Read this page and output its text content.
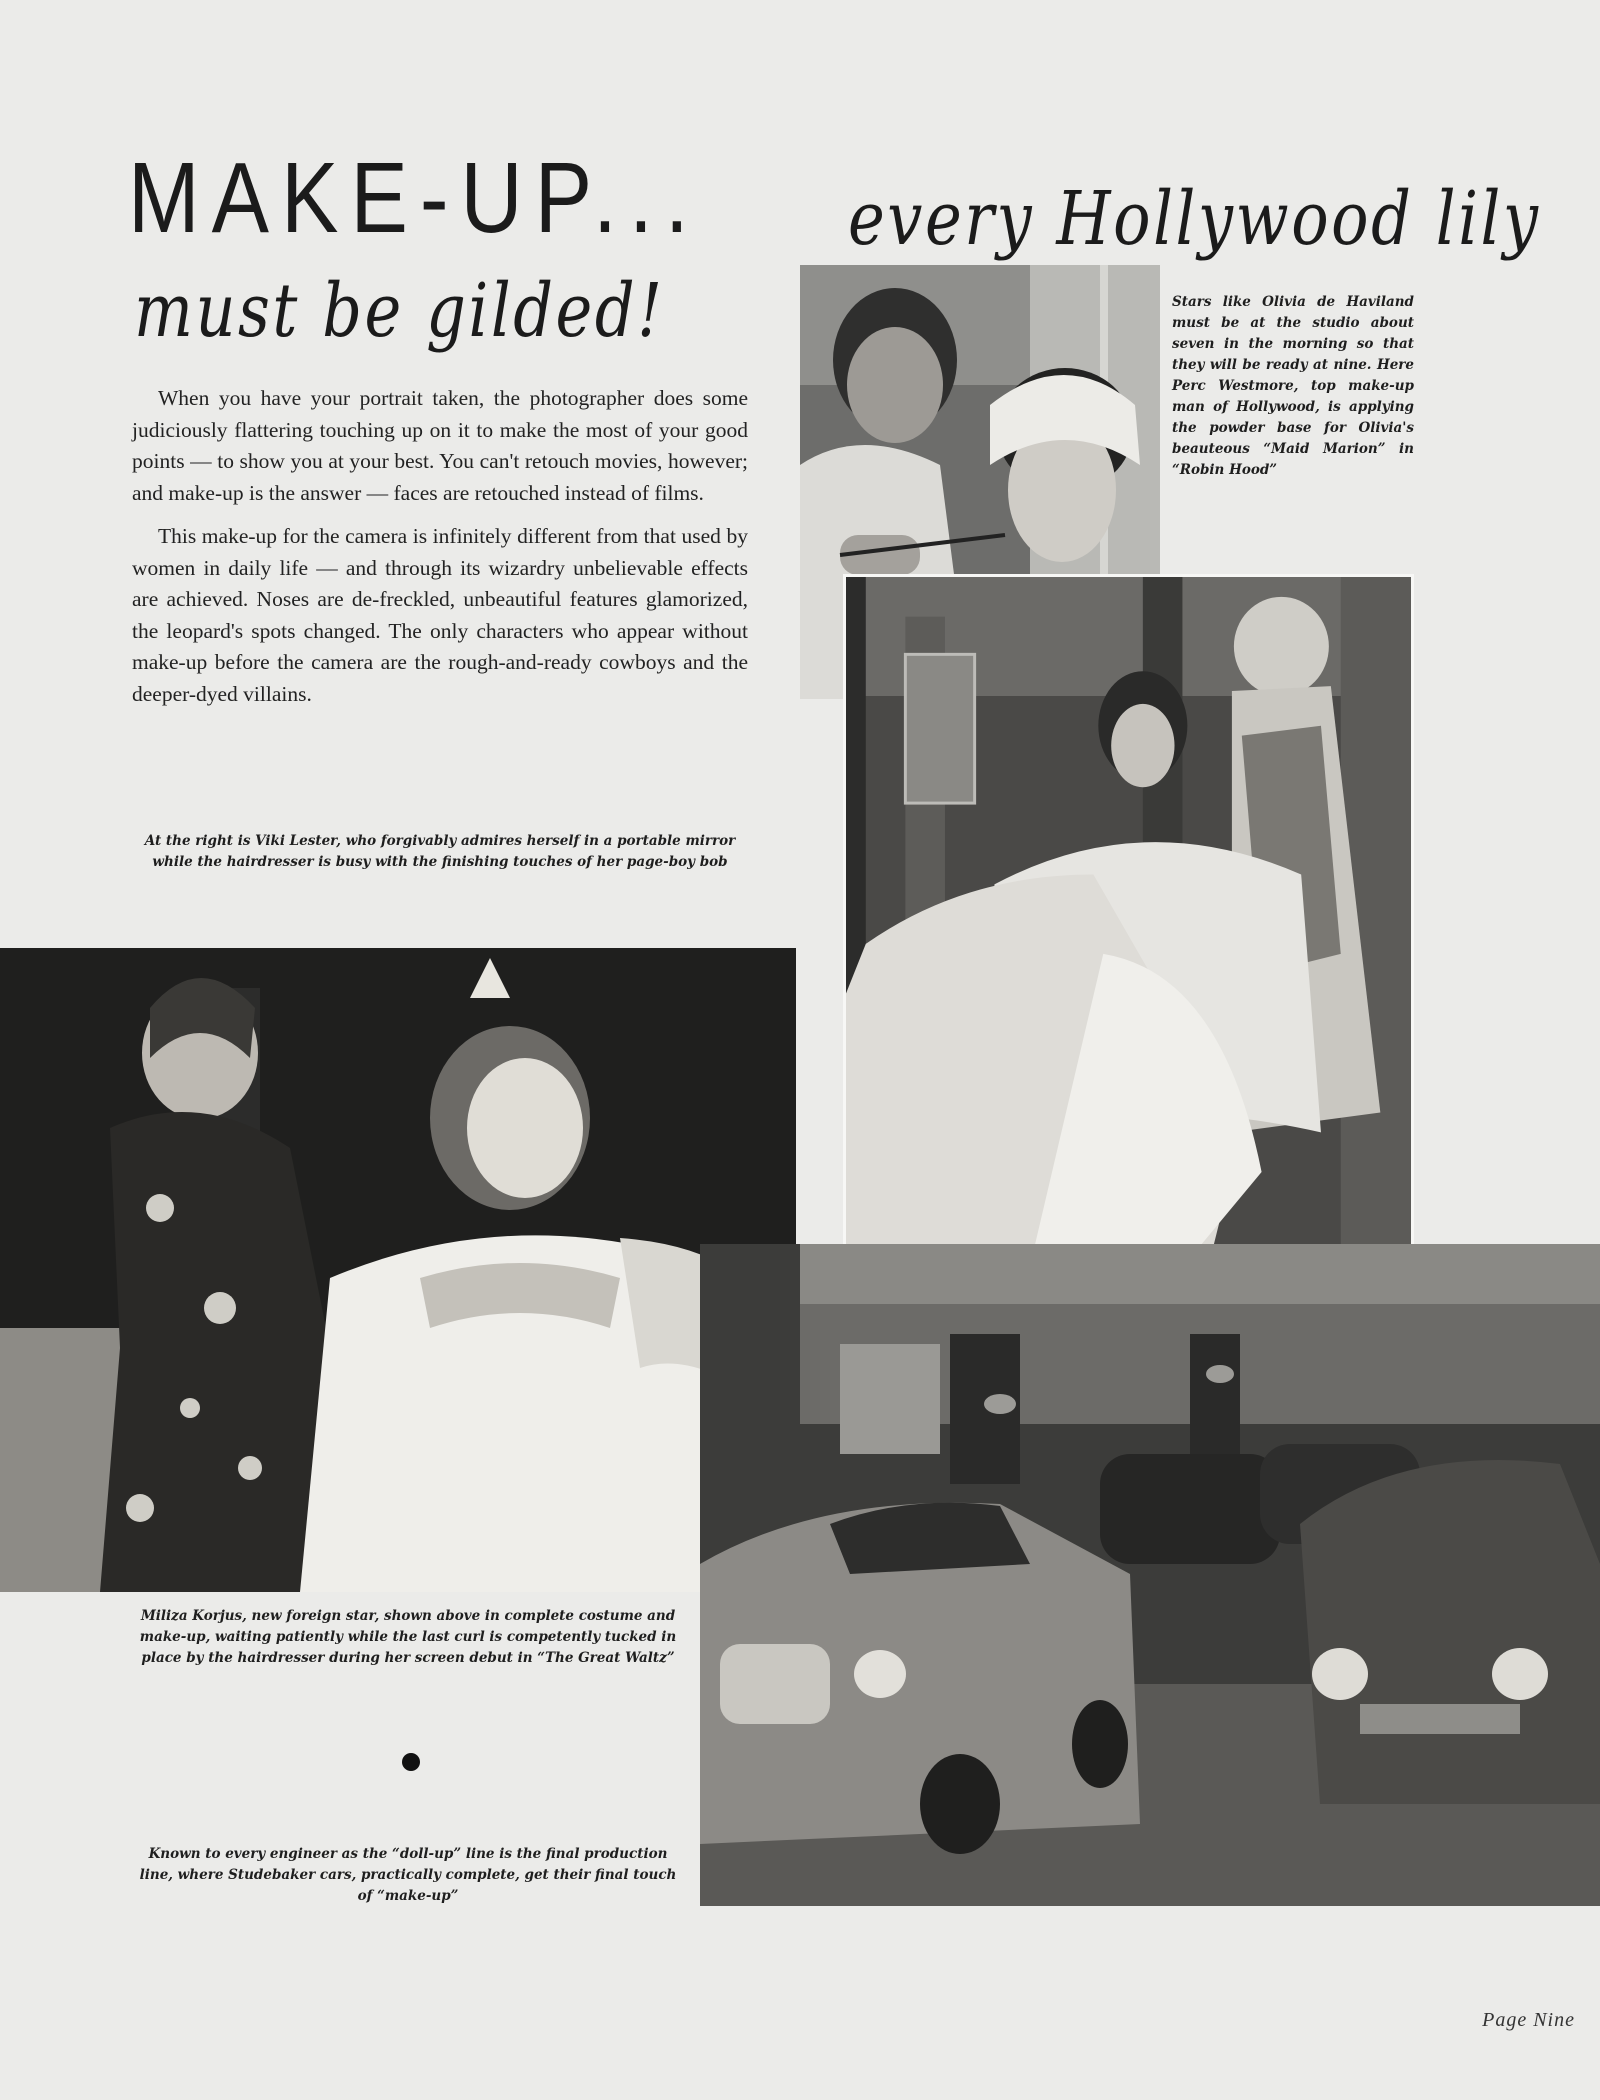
MAKE-UP... every Hollywood lily
must be gilded!

When you have your portrait taken, the photographer does some judiciously flattering touching up on it to make the most of your good points — to show you at your best. You can't retouch movies, however; and make-up is the answer — faces are retouched instead of films.

This make-up for the camera is infinitely different from that used by women in daily life — and through its wizardry unbelievable effects are achieved. Noses are de-freckled, unbeautiful features glamorized, the leopard's spots changed. The only characters who appear without make-up before the camera are the rough-and-ready cowboys and the deeper-dyed villains.

Stars like Olivia de Haviland must be at the studio about seven in the morning so that they will be ready at nine. Here Perc Westmore, top make-up man of Hollywood, is applying the powder base for Olivia's beauteous “Maid Marion” in “Robin Hood”
At the right is Viki Lester, who forgivably admires herself in a portable mirror while the hairdresser is busy with the finishing touches of her page-boy bob
Miliza Korjus, new foreign star, shown above in complete costume and make-up, waiting patiently while the last curl is competently tucked in place by the hairdresser during her screen debut in “The Great Waltz”
Known to every engineer as the “doll-up” line is the final production line, where Studebaker cars, practically complete, get their final touch of “make-up”
Page Nine
